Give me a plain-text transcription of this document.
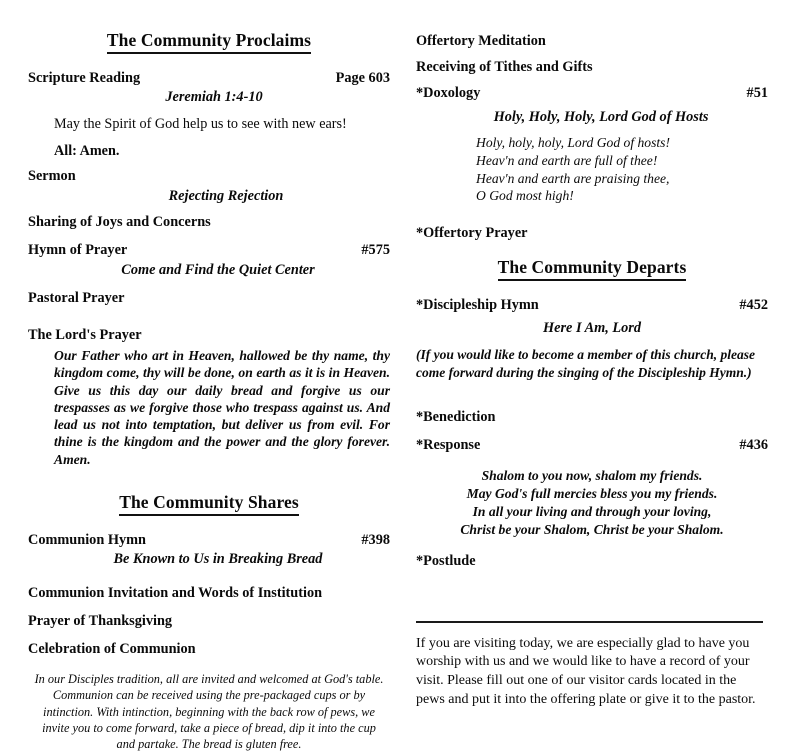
The Community Proclaims
Scripture Reading	Page 603
Jeremiah 1:4-10
May the Spirit of God help us to see with new ears!
All: Amen.
Sermon
Rejecting Rejection
Sharing of Joys and Concerns
Hymn of Prayer	#575
Come and Find the Quiet Center
Pastoral Prayer
The Lord's Prayer
Our Father who art in Heaven, hallowed be thy name, thy kingdom come, thy will be done, on earth as it is in Heaven. Give us this day our daily bread and forgive us our trespasses as we forgive those who trespass against us. And lead us not into temptation, but deliver us from evil. For thine is the kingdom and the power and the glory forever. Amen.
The Community Shares
Communion Hymn	#398
Be Known to Us in Breaking Bread
Communion Invitation and Words of Institution
Prayer of Thanksgiving
Celebration of Communion
In our Disciples tradition, all are invited and welcomed at God's table. Communion can be received using the pre-packaged cups or by intinction. With intinction, beginning with the back row of pews, we invite you to come forward, take a piece of bread, dip it into the cup and partake. The bread is gluten free.
Offertory Meditation
Receiving of Tithes and Gifts
*Doxology	#51
Holy, Holy, Holy, Lord God of Hosts
Holy, holy, holy, Lord God of hosts!
Heav'n and earth are full of thee!
Heav'n and earth are praising thee,
O God most high!
*Offertory Prayer
The Community Departs
*Discipleship Hymn	#452
Here I Am, Lord
(If you would like to become a member of this church, please come forward during the singing of the Discipleship Hymn.)
*Benediction
*Response	#436
Shalom to you now, shalom my friends.
May God's full mercies bless you my friends.
In all your living and through your loving,
Christ be your Shalom, Christ be your Shalom.
*Postlude
If you are visiting today, we are especially glad to have you worship with us and we would like to have a record of your visit. Please fill out one of our visitor cards located in the pews and put it into the offering plate or give it to the pastor.
